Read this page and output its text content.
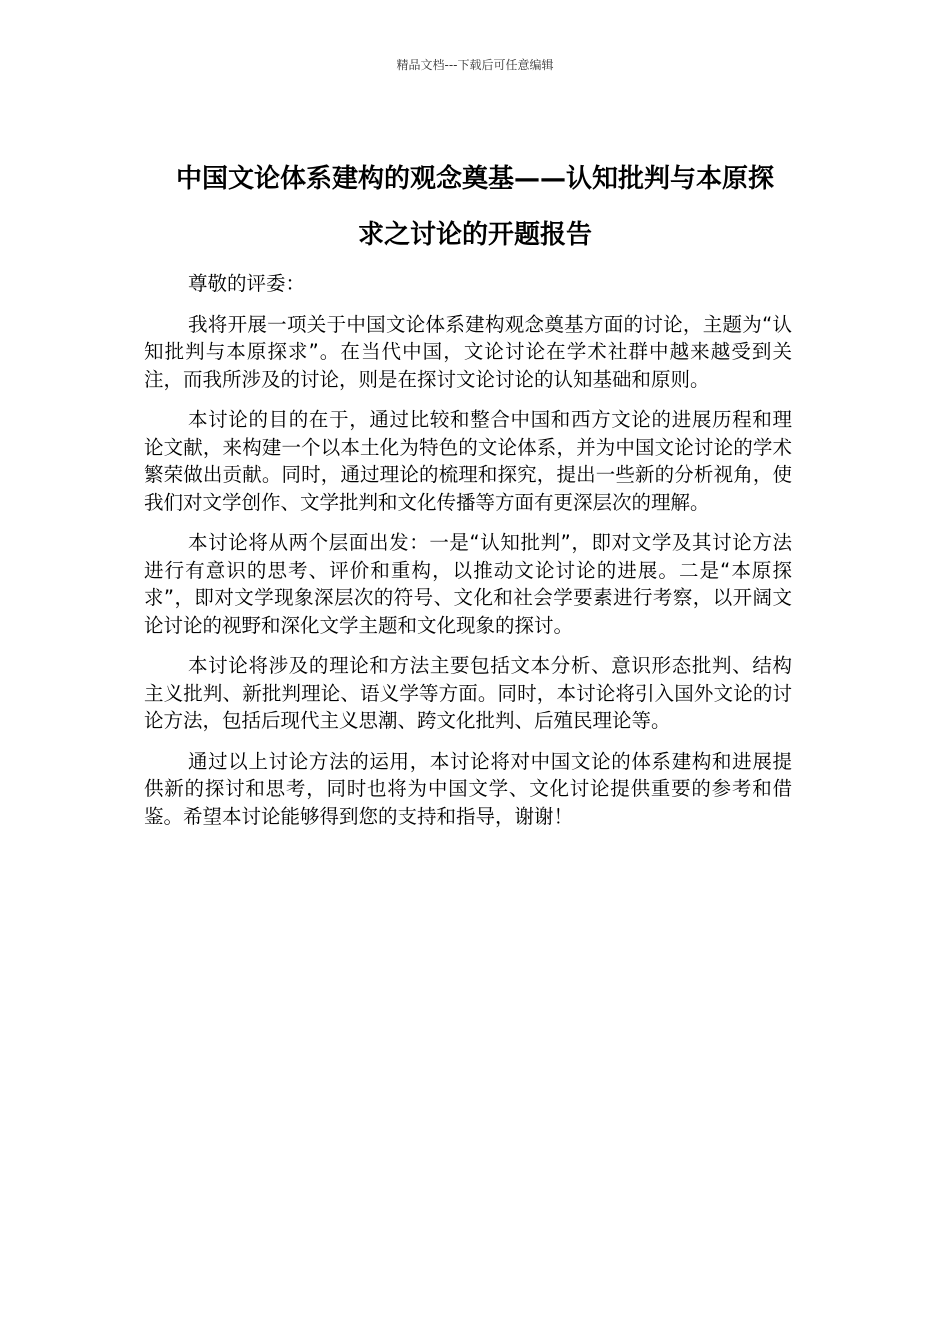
精品文档---下载后可任意编辑
中国文论体系建构的观念奠基——认知批判与本原探
求之讨论的开题报告

尊敬的评委：

我将开展一项关于中国文论体系建构观念奠基方面的讨论，主题为“认知批判与本原探求”。在当代中国，文论讨论在学术社群中越来越受到关注，而我所涉及的讨论，则是在探讨文论讨论的认知基础和原则。

本讨论的目的在于，通过比较和整合中国和西方文论的进展历程和理论文献，来构建一个以本土化为特色的文论体系，并为中国文论讨论的学术繁荣做出贡献。同时，通过理论的梳理和探究，提出一些新的分析视角，使我们对文学创作、文学批判和文化传播等方面有更深层次的理解。

本讨论将从两个层面出发：一是“认知批判”，即对文学及其讨论方法进行有意识的思考、评价和重构，以推动文论讨论的进展。二是“本原探求”，即对文学现象深层次的符号、文化和社会学要素进行考察，以开阔文论讨论的视野和深化文学主题和文化现象的探讨。

本讨论将涉及的理论和方法主要包括文本分析、意识形态批判、结构主义批判、新批判理论、语义学等方面。同时，本讨论将引入国外文论的讨论方法，包括后现代主义思潮、跨文化批判、后殖民理论等。

通过以上讨论方法的运用，本讨论将对中国文论的体系建构和进展提供新的探讨和思考，同时也将为中国文学、文化讨论提供重要的参考和借鉴。希望本讨论能够得到您的支持和指导，谢谢！
